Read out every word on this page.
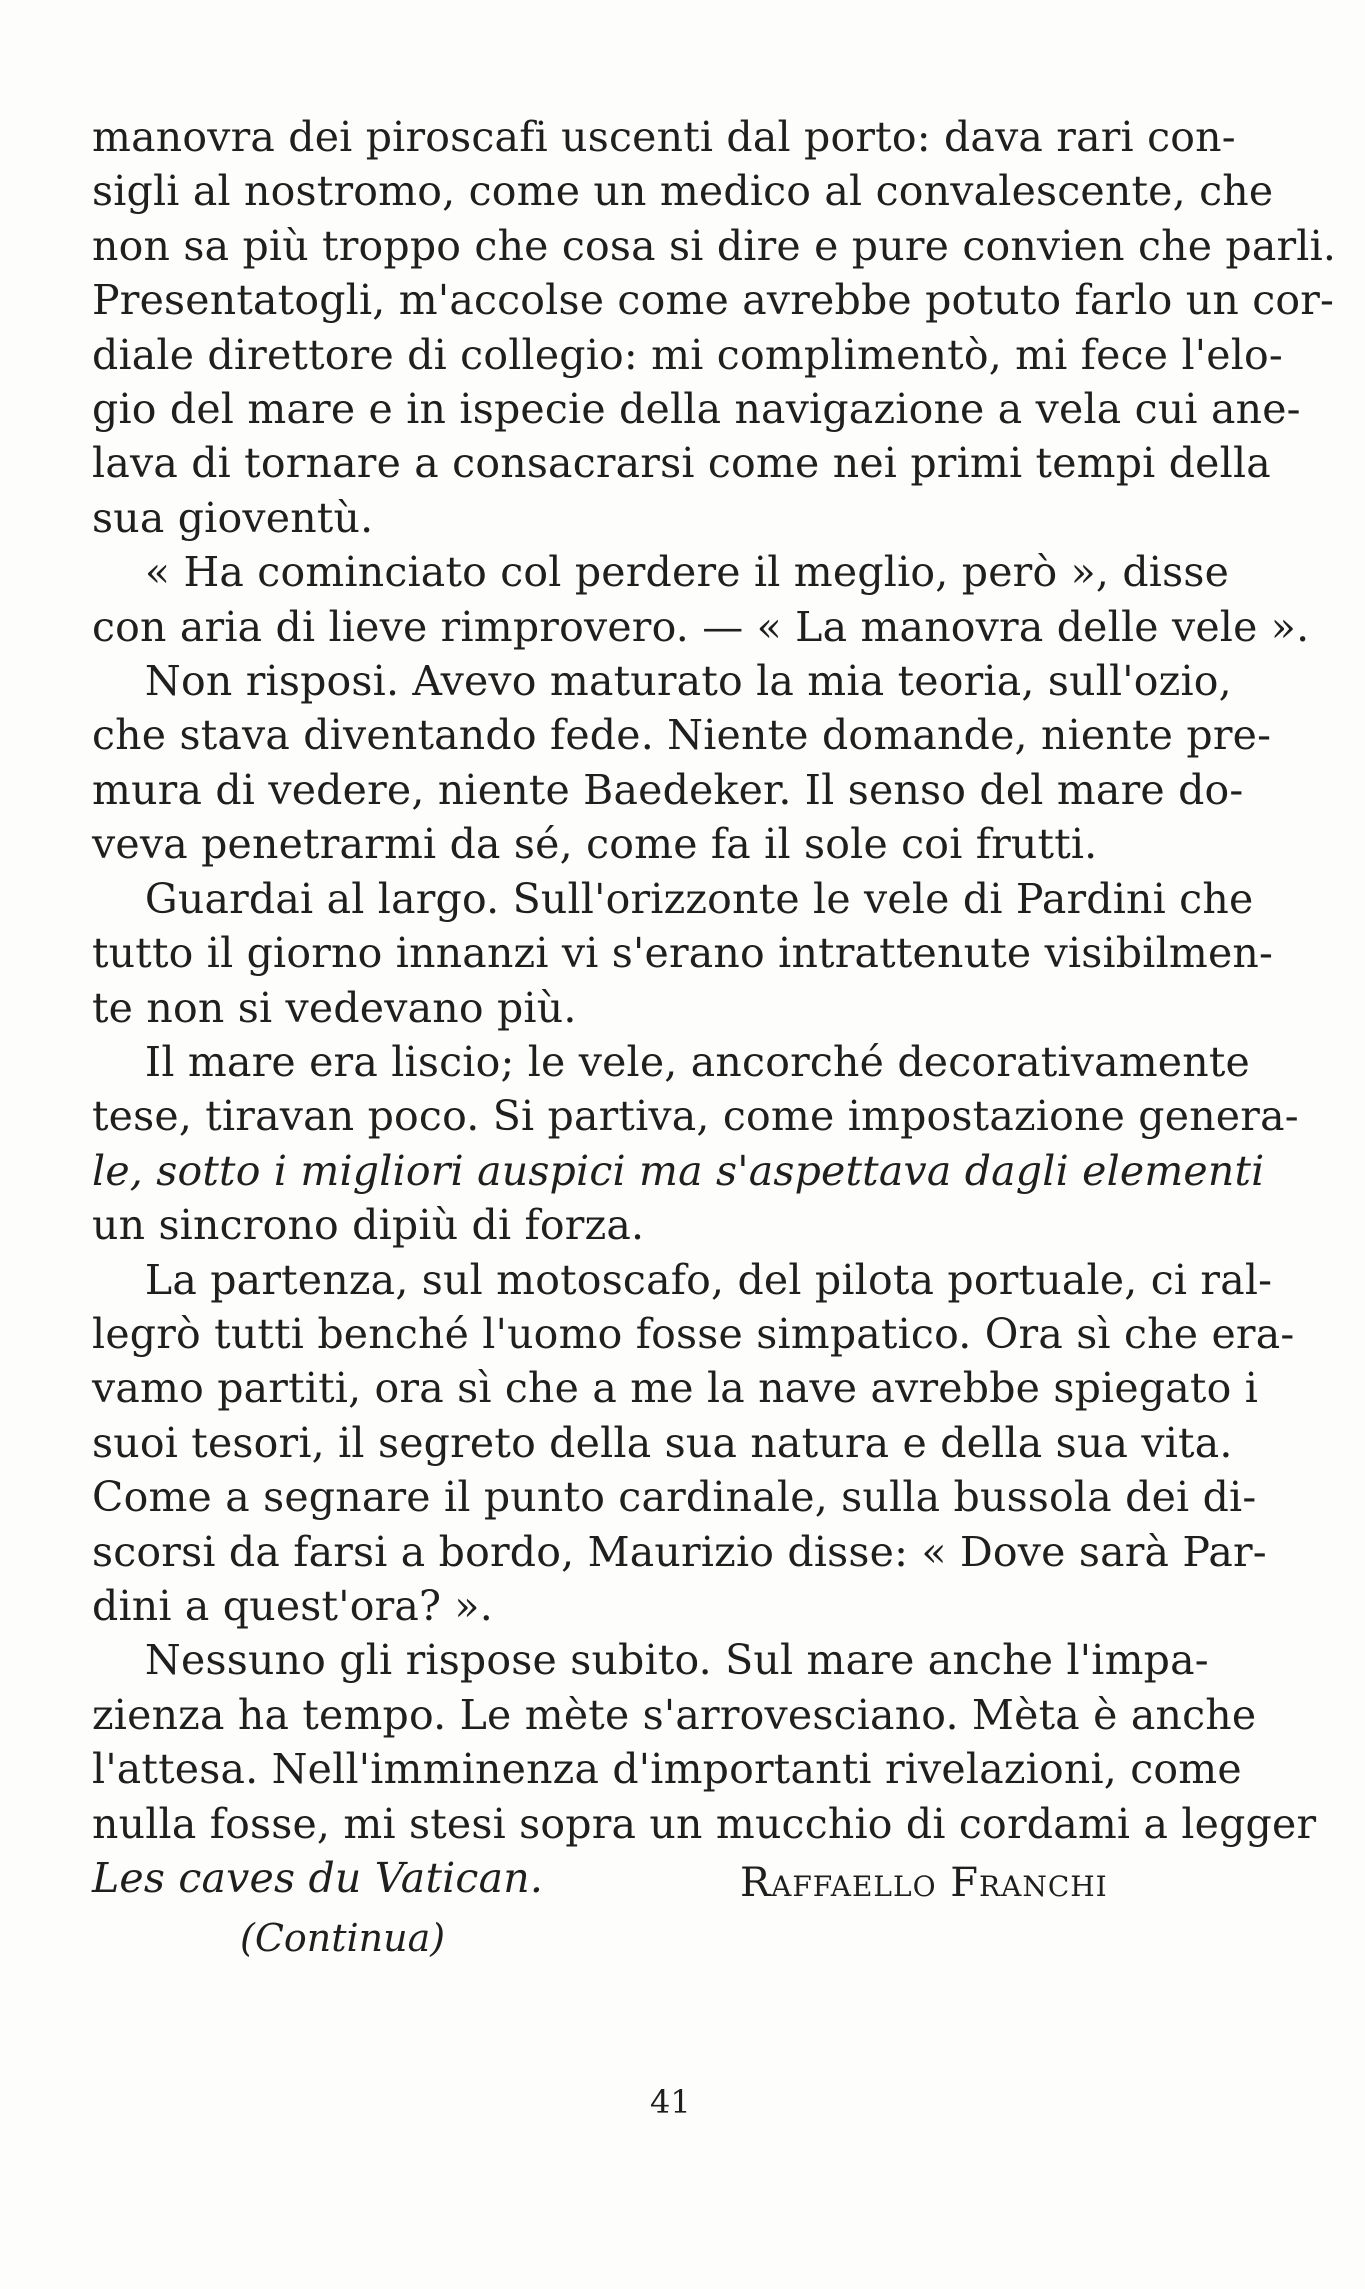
manovra dei piroscafi uscenti dal porto: dava rari con-
sigli al nostromo, come un medico al convalescente, che
non sa più troppo che cosa si dire e pure convien che parli.
Presentatogli, m'accolse come avrebbe potuto farlo un cor-
diale direttore di collegio: mi complimentò, mi fece l'elo-
gio del mare e in ispecie della navigazione a vela cui ane-
lava di tornare a consacrarsi come nei primi tempi della
sua gioventù.
« Ha cominciato col perdere il meglio, però », disse
con aria di lieve rimprovero. — « La manovra delle vele ».
Non risposi. Avevo maturato la mia teoria, sull'ozio,
che stava diventando fede. Niente domande, niente pre-
mura di vedere, niente Baedeker. Il senso del mare do-
veva penetrarmi da sé, come fa il sole coi frutti.
Guardai al largo. Sull'orizzonte le vele di Pardini che
tutto il giorno innanzi vi s'erano intrattenute visibilmen-
te non si vedevano più.
Il mare era liscio; le vele, ancorché decorativamente
tese, tiravan poco. Si partiva, come impostazione genera-
le, sotto i migliori auspici ma s'aspettava dagli elementi
un sincrono dipiù di forza.
La partenza, sul motoscafo, del pilota portuale, ci ral-
legrò tutti benché l'uomo fosse simpatico. Ora sì che era-
vamo partiti, ora sì che a me la nave avrebbe spiegato i
suoi tesori, il segreto della sua natura e della sua vita.
Come a segnare il punto cardinale, sulla bussola dei di-
scorsi da farsi a bordo, Maurizio disse: « Dove sarà Par-
dini a quest'ora? ».
Nessuno gli rispose subito. Sul mare anche l'impa-
zienza ha tempo. Le mète s'arrovesciano. Mèta è anche
l'attesa. Nell'imminenza d'importanti rivelazioni, come
nulla fosse, mi stesi sopra un mucchio di cordami a legger
Les caves du Vatican.	Raffaello Franchi
(Continua)
41
